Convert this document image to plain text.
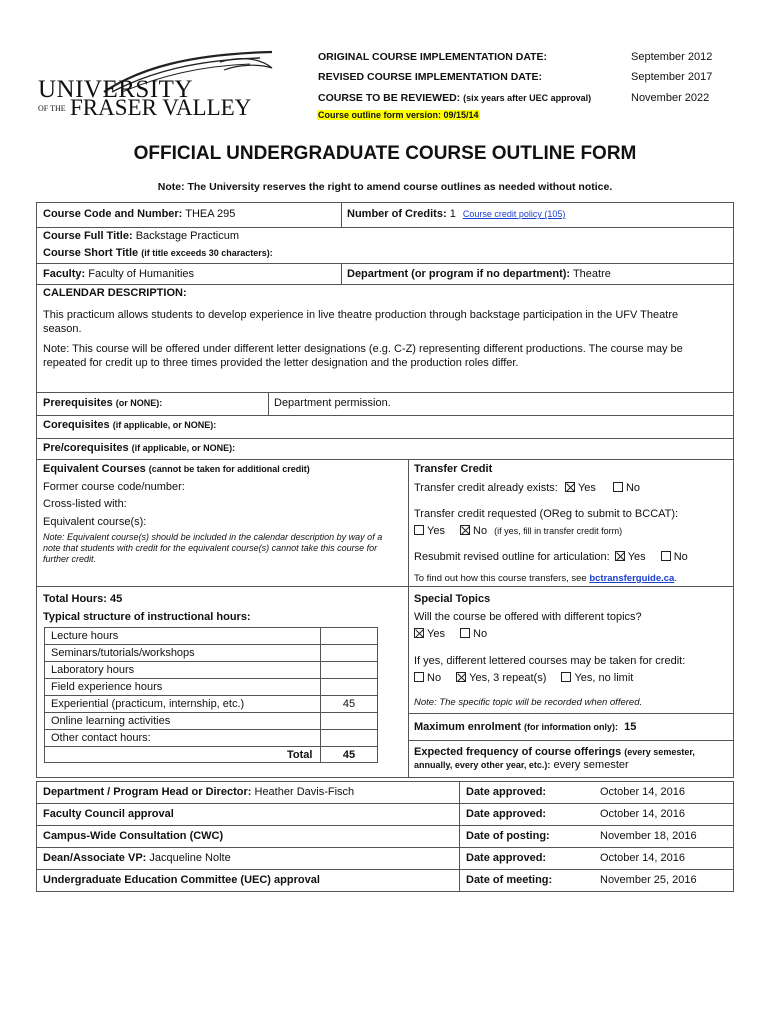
UNIVERSITY
OF THE FRASER VALLEY
ORIGINAL COURSE IMPLEMENTATION DATE:	September 2012
REVISED COURSE IMPLEMENTATION DATE:	September 2017
COURSE TO BE REVIEWED: (six years after UEC approval)	November 2022
Course outline form version: 09/15/14
OFFICIAL UNDERGRADUATE COURSE OUTLINE FORM
Note: The University reserves the right to amend course outlines as needed without notice.
Course Code and Number: THEA 295	Number of Credits: 1 Course credit policy (105)
Course Full Title: Backstage Practicum
Course Short Title (if title exceeds 30 characters):
Faculty: Faculty of Humanities	Department (or program if no department): Theatre
CALENDAR DESCRIPTION:
This practicum allows students to develop experience in live theatre production through backstage participation in the UFV Theatre season.
Note: This course will be offered under different letter designations (e.g. C-Z) representing different productions. The course may be repeated for credit up to three times provided the letter designation and the production roles differ.
Prerequisites (or NONE):	Department permission.
Corequisites (if applicable, or NONE):
Pre/corequisites (if applicable, or NONE):
Equivalent Courses (cannot be taken for additional credit)
Former course code/number:
Cross-listed with:
Equivalent course(s):
Note: Equivalent course(s) should be included in the calendar description by way of a note that students with credit for the equivalent course(s) cannot take this course for further credit.
Transfer Credit
Transfer credit already exists: Yes	No
Transfer credit requested (OReg to submit to BCCAT):
Yes	No (if yes, fill in transfer credit form)
Resubmit revised outline for articulation: Yes	No
To find out how this course transfers, see bctransferguide.ca.
Total Hours: 45
Typical structure of instructional hours:
Lecture hours
Seminars/tutorials/workshops
Laboratory hours
Field experience hours
Experiential (practicum, internship, etc.)	45
Online learning activities
Other contact hours:
Total	45
Special Topics
Will the course be offered with different topics?
Yes	No
If yes, different lettered courses may be taken for credit:
No	Yes, 3 repeat(s)	Yes, no limit
Note: The specific topic will be recorded when offered.
Maximum enrolment (for information only): 15
Expected frequency of course offerings (every semester, annually, every other year, etc.): every semester
Department / Program Head or Director: Heather Davis-Fisch	Date approved:	October 14, 2016
Faculty Council approval	Date approved:	October 14, 2016
Campus-Wide Consultation (CWC)	Date of posting:	November 18, 2016
Dean/Associate VP: Jacqueline Nolte	Date approved:	October 14, 2016
Undergraduate Education Committee (UEC) approval	Date of meeting:	November 25, 2016
